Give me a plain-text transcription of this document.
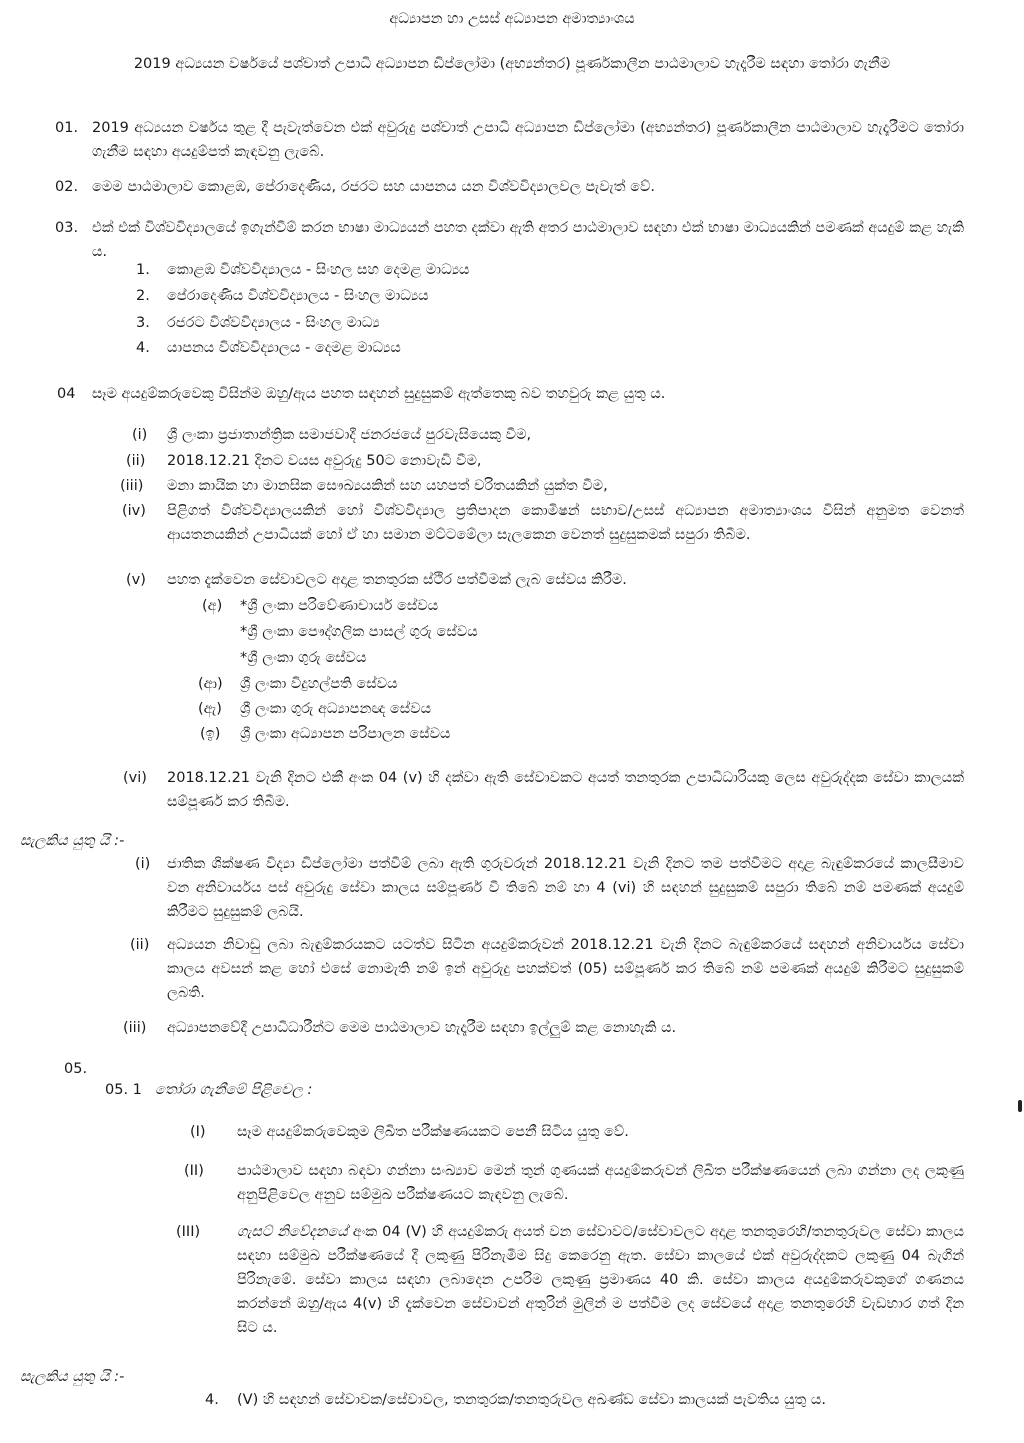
අධ්‍යාපන හා උසස් අධ්‍යාපන අමාත්‍යාංශය
2019 අධ්‍යයන වර්ෂයේ පශ්චාත් උපාධි අධ්‍යාපන ඩිප්ලෝමා (අභ්‍යන්තර) පූර්ණකාලීන පාඨමාලාව හැදෑරීම සඳහා තෝරා ගැනීම
01. 2019 අධ්‍යයන වර්ෂය තුළ දී පැවැත්වෙන එක් අවුරුදු පශ්චාත් උපාධි අධ්‍යාපන ඩිප්ලෝමා (අභ්‍යන්තර) පූර්ණකාලීන පාඨමාලාව හැදෑරීමට තෝරා ගැනීම සඳහා අයදුම්පත් කැඳවනු ලැබේ.
02. මෙම පාඨමාලාව කොළඹ, පේරාදෙණිය, රජරට සහ යාපනය යන විශ්වවිද්‍යාලවල පැවැත් වේ.
03. එක් එක් විශ්වවිද්‍යාලයේ ඉගැන්වීම් කරන භාෂා මාධ්‍යයන් පහත දක්වා ඇති අතර පාඨමාලාව සඳහා එක් භාෂා මාධ්‍යයකින් පමණක් අයදුම් කළ හැකි ය.
1. කොළඹ විශ්වවිද්‍යාලය - සිංහල සහ දෙමළ මාධ්‍යය
2. පේරාදෙණිය විශ්වවිද්‍යාලය - සිංහල මාධ්‍යය
3. රජරට විශ්වවිද්‍යාලය - සිංහල මාධ්‍ය
4. යාපනය විශ්වවිද්‍යාලය - දෙමළ මාධ්‍යය
04 සෑම අයදුම්කරුවෙකු විසින්ම ඔහු/ඇය පහත සඳහන් සුදුසුකම් ඇත්තෙකු බව තහවුරු කළ යුතු ය.
(i) ශ්‍රී ලංකා ප්‍රජාතාන්ත්‍රික සමාජවාදී ජනරජයේ පුරවැසියෙකු වීම,
(ii) 2018.12.21 දිනට වයස අවුරුදු 50ට නොවැඩි වීම,
(iii) මනා කායික හා මානසික සෞඛ්‍යයකින් සහ යහපත් චරිතයකින් යුක්ත වීම,
(iv) පිළිගත් විශ්වවිද්‍යාලයකින් හෝ විශ්වවිද්‍යාල ප්‍රතිපාදන කොමිෂන් සභාව/උසස් අධ්‍යාපන අමාත්‍යාංශය විසින් අනුමත වෙනත් ආයතනයකින් උපාධියක් හෝ ඒ හා සමාන මට්ටමේලා සැලකෙන වෙනත් සුදුසුකමක් සපුරා තිබීම.
(v) පහත දැක්වෙන සේවාවලට අදාළ තනතුරක ස්ථිර පත්වීමක් ලැබ සේවය කිරීම.
(අ) *ශ්‍රී ලංකා පරිවේණාචාර්ය සේවය
*ශ්‍රී ලංකා පෞද්ගලික පාසල් ගුරු සේවය
*ශ්‍රී ලංකා ගුරු සේවය
(ආ) ශ්‍රී ලංකා විදුහල්පති සේවය
(ඇ) ශ්‍රී ලංකා ගුරු අධ්‍යාපනඥ සේවය
(ඉ) ශ්‍රී ලංකා අධ්‍යාපන පරිපාලන සේවය
(vi) 2018.12.21 වැනි දිනට එකී අංක 04 (v) හි දක්වා ඇති සේවාවකට අයත් තනතුරක උපාධිධාරියකු ලෙස අවුරුද්දක සේවා කාලයක් සම්පූර්ණ කර තිබීම.
සැලකිය යුතු යි :-
(i) ජාතික ශික්ෂණ විද්‍යා ඩිප්ලෝමා පත්වීම් ලබා ඇති ගුරුවරුන් 2018.12.21 වැනි දිනට තම පත්වීමට අදාළ බැඳුම්කරයේ කාලසීමාව වන අනිවාර්යය පස් අවුරුදු සේවා කාලය සම්පූර්ණ වී තිබේ නම් හා 4 (vi) හි සඳහන් සුදුසුකම් සපුරා තිබේ නම් පමණක් අයදුම් කිරීමට සුදුසුකම් ලබයි.
(ii) අධ්‍යයන නිවාඩු ලබා බැඳුම්කරයකට යටත්ව සිටින අයදුම්කරුවන් 2018.12.21 වැනි දිනට බැඳුම්කරයේ සඳහන් අනිවාර්යය සේවා කාලය අවසන් කළ හෝ එසේ නොමැති නම් ඉන් අවුරුදු පහක්වත් (05) සම්පූර්ණ කර තිබේ නම් පමණක් අයදුම් කිරීමට සුදුසුකම් ලබති.
(iii) අධ්‍යාපනවේදී උපාධිධාරීන්ට මෙම පාඨමාලාව හැදෑරීම සඳහා ඉල්ලුම් කළ නොහැකි ය.
05.
05. 1 තෝරා ගැනීමේ පිළිවෙල :
(I) සෑම අයදුම්කරුවෙකුම ලිඛිත පරීක්ෂණයකට පෙනී සිටිය යුතු වේ.
(II) පාඨමාලාව සඳහා බඳවා ගන්නා සංඛ්‍යාව මෙන් තුන් ගුණයක් අයදුම්කරුවන් ලිඛිත පරීක්ෂණයෙන් ලබා ගන්නා ලද ලකුණු අනුපිළිවෙල අනුව සම්මුඛ පරීක්ෂණයට කැඳවනු ලැබේ.
(III)	ගැසට් නිවේදනයේ අංක 04 (V) හි අයදුම්කරු අයත් වන සේවාවට/සේවාවලට අදාළ තනතුරෙහි/තනතුරුවල සේවා කාලය සඳහා සම්මුඛ පරීක්ෂණයේ දී ලකුණු පිරිනැමීම සිදු කෙරෙනු ඇත. සේවා කාලයේ එක් අවුරුද්දකට ලකුණු 04 බැගින් පිරිනැමේ. සේවා කාලය සඳහා ලබාදෙන උපරිම ලකුණු ප්‍රමාණය 40 කි. සේවා කාලය අයදුම්කරුවකුගේ ගණනය කරන්නේ ඔහු/ඇය 4(v) හි දැක්වෙන සේවාවන් අතුරින් මුලින් ම පත්වීම ලද සේවයේ අදාළ තනතුරෙහි වැඩභාර ගත් දින සිට ය.
සැලකිය යුතු යි :-
4. (V) හි සඳහන් සේවාවක/සේවාවල, තනතුරක/තනතුරුවල අඛණ්ඩ සේවා කාලයක් පැවතිය යුතු ය.
